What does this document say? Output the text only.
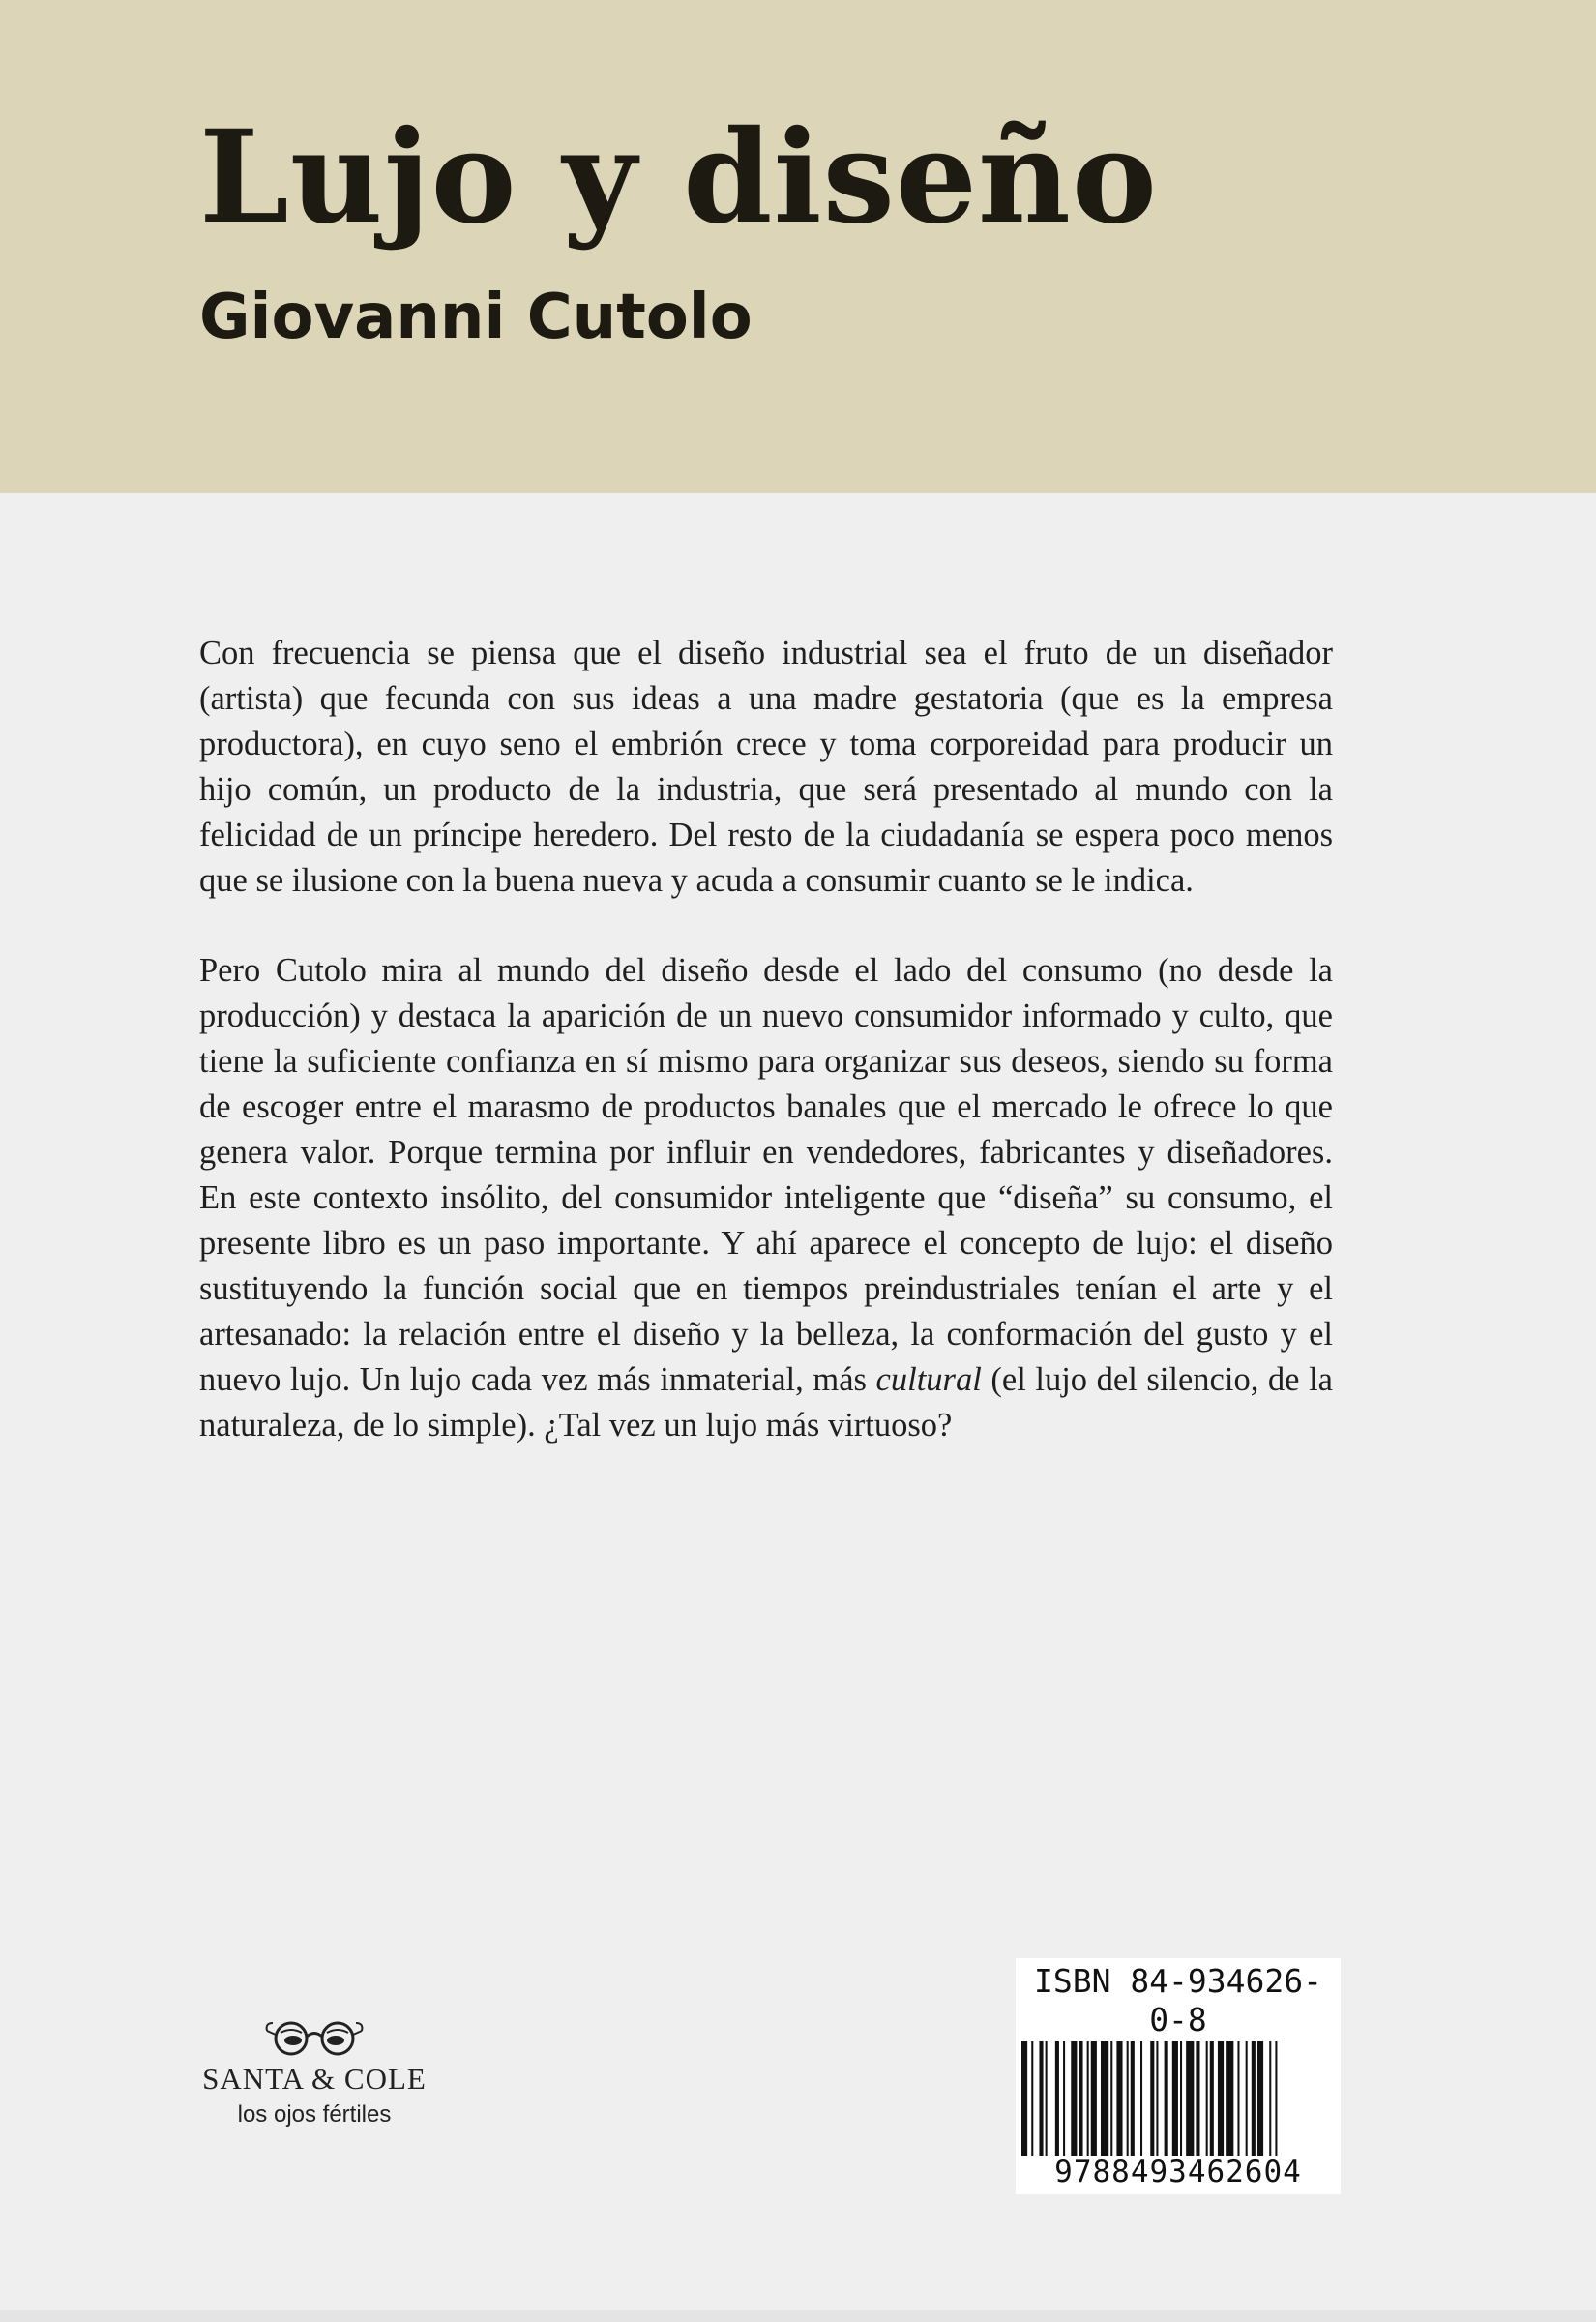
Lujo y diseño
Giovanni Cutolo

Con frecuencia se piensa que el diseño industrial sea el fruto de un diseñador (artista) que fecunda con sus ideas a una madre gestatoria (que es la empresa productora), en cuyo seno el embrión crece y toma corporeidad para producir un hijo común, un producto de la industria, que será presentado al mundo con la felicidad de un príncipe heredero. Del resto de la ciudadanía se espera poco menos que se ilusione con la buena nueva y acuda a consumir cuanto se le indica.

Pero Cutolo mira al mundo del diseño desde el lado del consumo (no desde la producción) y destaca la aparición de un nuevo consumidor informado y culto, que tiene la suficiente confianza en sí mismo para organizar sus deseos, siendo su forma de escoger entre el marasmo de productos banales que el mercado le ofrece lo que genera valor. Porque termina por influir en vendedores, fabricantes y diseñadores. En este contexto insólito, del consumidor inteligente que “diseña” su consumo, el presente libro es un paso importante. Y ahí aparece el concepto de lujo: el diseño sustituyendo la función social que en tiempos preindustriales tenían el arte y el artesanado: la relación entre el diseño y la belleza, la conformación del gusto y el nuevo lujo. Un lujo cada vez más inmaterial, más cultural (el lujo del silencio, de la naturaleza, de lo simple). ¿Tal vez un lujo más virtuoso?

SANTA & COLE
los ojos fértiles
ISBN 84-934626-0-8
9788493462604
